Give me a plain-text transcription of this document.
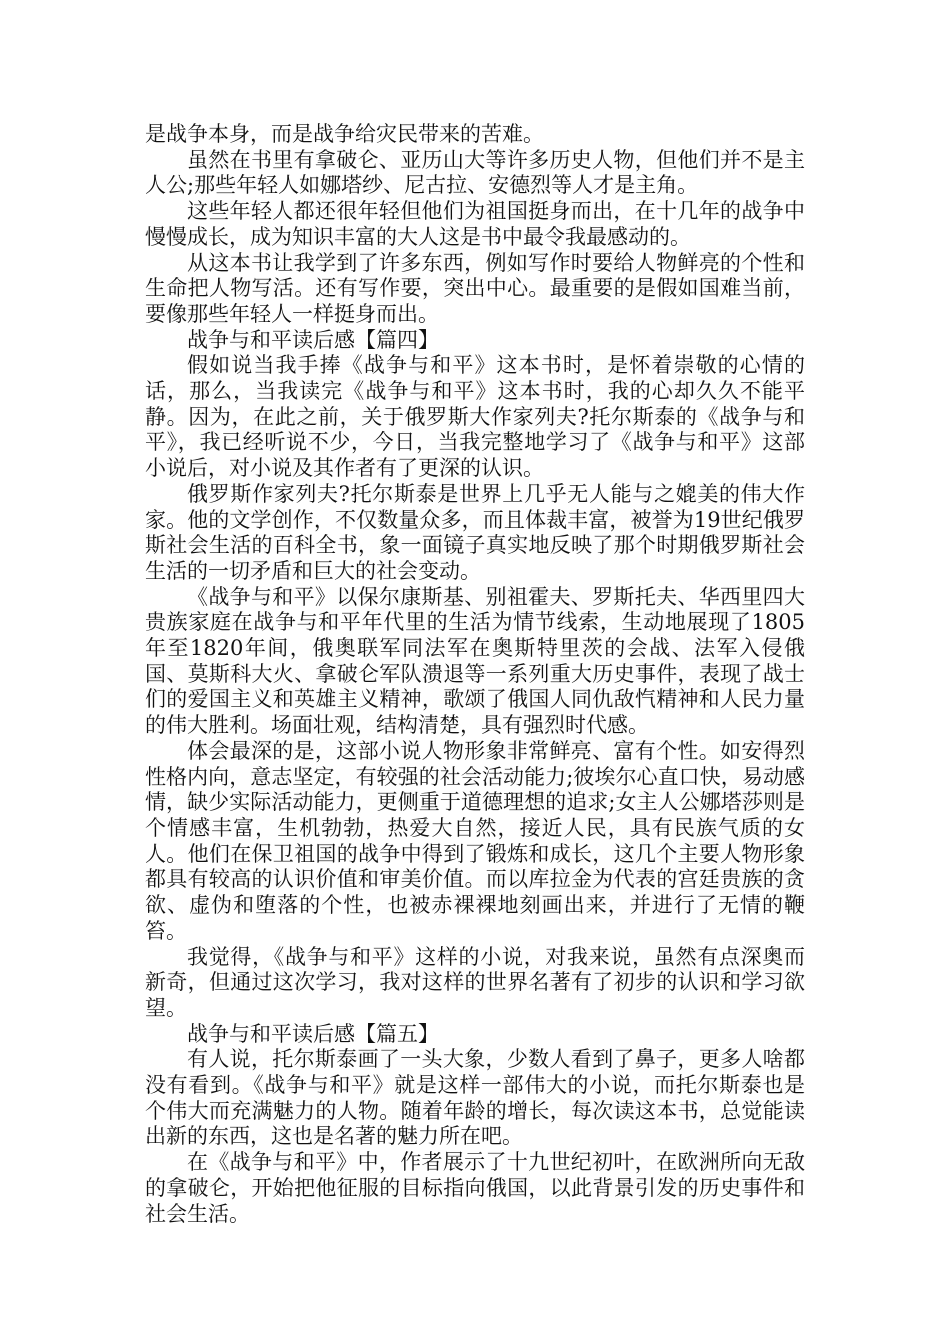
是战争本身，而是战争给灾民带来的苦难。

虽然在书里有拿破仑、亚历山大等许多历史人物，但他们并不是主人公;那些年轻人如娜塔纱、尼古拉、安德烈等人才是主角。

这些年轻人都还很年轻但他们为祖国挺身而出，在十几年的战争中慢慢成长，成为知识丰富的大人这是书中最令我最感动的。

从这本书让我学到了许多东西，例如写作时要给人物鲜亮的个性和生命把人物写活。还有写作要，突出中心。最重要的是假如国难当前，要像那些年轻人一样挺身而出。

战争与和平读后感【篇四】

假如说当我手捧《战争与和平》这本书时，是怀着崇敬的心情的话，那么，当我读完《战争与和平》这本书时，我的心却久久不能平静。因为，在此之前，关于俄罗斯大作家列夫?托尔斯泰的《战争与和平》，我已经听说不少，今日，当我完整地学习了《战争与和平》这部小说后，对小说及其作者有了更深的认识。

俄罗斯作家列夫?托尔斯泰是世界上几乎无人能与之媲美的伟大作家。他的文学创作，不仅数量众多，而且体裁丰富，被誉为19世纪俄罗斯社会生活的百科全书，象一面镜子真实地反映了那个时期俄罗斯社会生活的一切矛盾和巨大的社会变动。

《战争与和平》以保尔康斯基、别祖霍夫、罗斯托夫、华西里四大贵族家庭在战争与和平年代里的生活为情节线索，生动地展现了1805年至1820年间，俄奥联军同法军在奥斯特里茨的会战、法军入侵俄国、莫斯科大火、拿破仑军队溃退等一系列重大历史事件，表现了战士们的爱国主义和英雄主义精神，歌颂了俄国人同仇敌忾精神和人民力量的伟大胜利。场面壮观，结构清楚，具有强烈时代感。

体会最深的是，这部小说人物形象非常鲜亮、富有个性。如安得烈性格内向，意志坚定，有较强的社会活动能力;彼埃尔心直口快，易动感情，缺少实际活动能力，更侧重于道德理想的追求;女主人公娜塔莎则是个情感丰富，生机勃勃，热爱大自然，接近人民，具有民族气质的女人。他们在保卫祖国的战争中得到了锻炼和成长，这几个主要人物形象都具有较高的认识价值和审美价值。而以库拉金为代表的宫廷贵族的贪欲、虚伪和堕落的个性，也被赤裸裸地刻画出来，并进行了无情的鞭笞。

我觉得，《战争与和平》这样的小说，对我来说，虽然有点深奥而新奇，但通过这次学习，我对这样的世界名著有了初步的认识和学习欲望。

战争与和平读后感【篇五】

有人说，托尔斯泰画了一头大象，少数人看到了鼻子，更多人啥都没有看到。《战争与和平》就是这样一部伟大的小说，而托尔斯泰也是个伟大而充满魅力的人物。随着年龄的增长，每次读这本书，总觉能读出新的东西，这也是名著的魅力所在吧。

在《战争与和平》中，作者展示了十九世纪初叶，在欧洲所向无敌的拿破仑，开始把他征服的目标指向俄国，以此背景引发的历史事件和社会生活。
